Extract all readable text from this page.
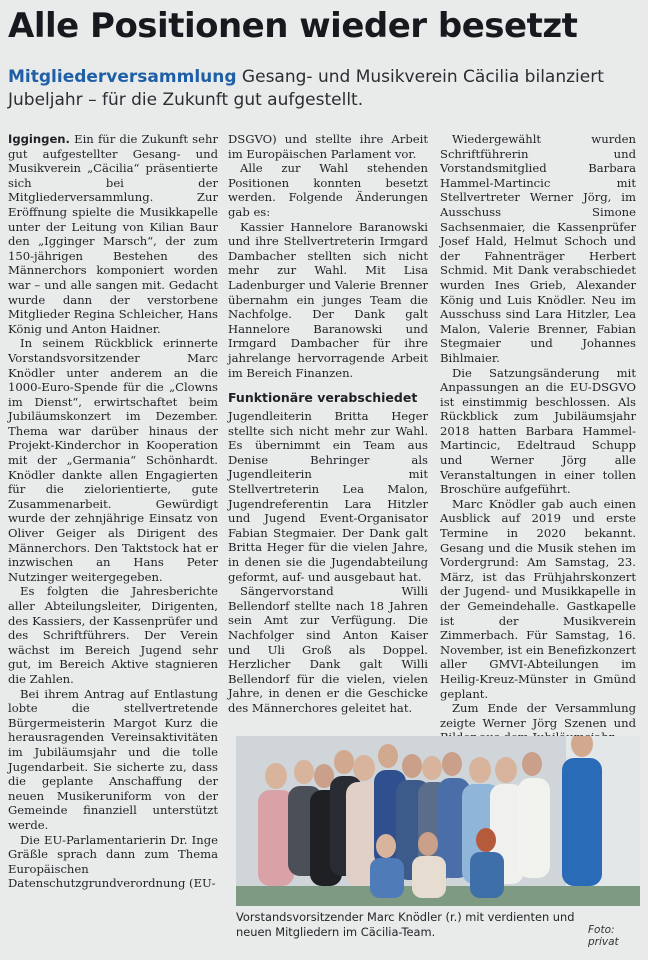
Alle Positionen wieder besetzt
Mitgliederversammlung Gesang- und Musikverein Cäcilia bilanziert Jubeljahr – für die Zukunft gut aufgestellt.

Iggingen. Ein für die Zukunft sehr gut aufgestellter Gesang- und Musikverein „Cäcilia“ präsentierte sich bei der Mitgliederversammlung. Zur Eröffnung spielte die Musikkapelle unter der Leitung von Kilian Baur den „Igginger Marsch“, der zum 150-jährigen Bestehen des Männerchors komponiert worden war – und alle sangen mit. Gedacht wurde dann der verstorbene Mitglieder Regina Schleicher, Hans König und Anton Haidner.

In seinem Rückblick erinnerte Vorstandsvorsitzender Marc Knödler unter anderem an die 1000-Euro-Spende für die „Clowns im Dienst“, erwirtschaftet beim Jubiläumskonzert im Dezember. Thema war darüber hinaus der Projekt-Kinderchor in Kooperation mit der „Germania“ Schönhardt. Knödler dankte allen Engagierten für die zielorientierte, gute Zusammenarbeit. Gewürdigt wurde der zehnjährige Einsatz von Oliver Geiger als Dirigent des Männerchors. Den Taktstock hat er inzwischen an Hans Peter Nutzinger weitergegeben.

Es folgten die Jahresberichte aller Abteilungsleiter, Dirigenten, des Kassiers, der Kassenprüfer und des Schriftführers. Der Verein wächst im Bereich Jugend sehr gut, im Bereich Aktive stagnieren die Zahlen.

Bei ihrem Antrag auf Entlastung lobte die stellvertretende Bürgermeisterin Margot Kurz die herausragenden Vereinsaktivitäten im Jubiläumsjahr und die tolle Jugendarbeit. Sie sicherte zu, dass die geplante Anschaffung der neuen Musikeruniform von der Gemeinde finanziell unterstützt werde.

Die EU-Parlamentarierin Dr. Inge Gräßle sprach dann zum Thema Europäischen Datenschutzgrundverordnung (EU-

DSGVO) und stellte ihre Arbeit im Europäischen Parlament vor.

Alle zur Wahl stehenden Positionen konnten besetzt werden. Folgende Änderungen gab es:

Kassier Hannelore Baranowski und ihre Stellvertreterin Irmgard Dambacher stellten sich nicht mehr zur Wahl. Mit Lisa Ladenburger und Valerie Brenner übernahm ein junges Team die Nachfolge. Der Dank galt Hannelore Baranowski und Irmgard Dambacher für ihre jahrelange hervorragende Arbeit im Bereich Finanzen.

Funktionäre verabschiedet

Jugendleiterin Britta Heger stellte sich nicht mehr zur Wahl. Es übernimmt ein Team aus Denise Behringer als Jugendleiterin mit Stellvertreterin Lea Malon, Jugendreferentin Lara Hitzler und Jugend Event-Organisator Fabian Stegmaier. Der Dank galt Britta Heger für die vielen Jahre, in denen sie die Jugendabteilung geformt, auf- und ausgebaut hat.

Sängervorstand Willi Bellendorf stellte nach 18 Jahren sein Amt zur Verfügung. Die Nachfolger sind Anton Kaiser und Uli Groß als Doppel. Herzlicher Dank galt Willi Bellendorf für die vielen, vielen Jahre, in denen er die Geschicke des Männerchores geleitet hat.

Wiedergewählt wurden Schriftführerin und Vorstandsmitglied Barbara Hammel-Martincic mit Stellvertreter Werner Jörg, im Ausschuss Simone Sachsenmaier, die Kassenprüfer Josef Hald, Helmut Schoch und der Fahnenträger Herbert Schmid. Mit Dank verabschiedet wurden Ines Grieb, Alexander König und Luis Knödler. Neu im Ausschuss sind Lara Hitzler, Lea Malon, Valerie Brenner, Fabian Stegmaier und Johannes Bihlmaier.

Die Satzungsänderung mit Anpassungen an die EU-DSGVO ist einstimmig beschlossen. Als Rückblick zum Jubiläumsjahr 2018 hatten Barbara Hammel-Martincic, Edeltraud Schupp und Werner Jörg alle Veranstaltungen in einer tollen Broschüre aufgeführt.

Marc Knödler gab auch einen Ausblick auf 2019 und erste Termine in 2020 bekannt. Gesang und die Musik stehen im Vordergrund: Am Samstag, 23. März, ist das Frühjahrskonzert der Jugend- und Musikkapelle in der Gemeindehalle. Gastkapelle ist der Musikverein Zimmerbach. Für Samstag, 16. November, ist ein Benefizkonzert aller GMVI-Abteilungen im Heilig-Kreuz-Münster in Gmünd geplant.

Zum Ende der Versammlung zeigte Werner Jörg Szenen und

Vorstandsvorsitzender Marc Knödler (r.) mit verdienten und neuen Mitgliedern im Cäcilia-Team.	Foto: privat
